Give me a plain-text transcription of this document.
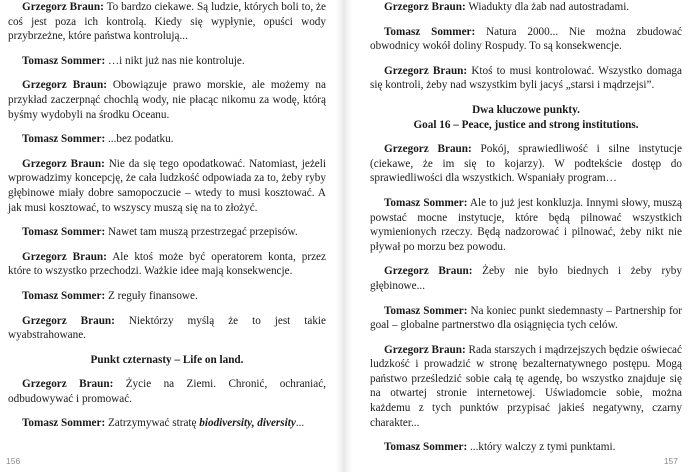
Grzegorz Braun: To bardzo ciekawe. Są ludzie, których boli to, że coś jest poza ich kontrolą. Kiedy się wypłynie, opuści wody przybrzeżne, które państwa kontrolują...

Tomasz Sommer: …i nikt już nas nie kontroluje.

Grzegorz Braun: Obowiązuje prawo morskie, ale możemy na przykład zaczerpnąć chochlą wody, nie płacąc nikomu za wodę, którą byśmy wydobyli na środku Oceanu.

Tomasz Sommer: ...bez podatku.

Grzegorz Braun: Nie da się tego opodatkować. Natomiast, jeżeli wprowadzimy koncepcję, że cała ludzkość odpowiada za to, żeby ryby głębinowe miały dobre samopoczucie – wtedy to musi kosztować. A jak musi kosztować, to wszyscy muszą się na to złożyć.

Tomasz Sommer: Nawet tam muszą przestrzegać przepisów.

Grzegorz Braun: Ale ktoś może być operatorem konta, przez które to wszystko przechodzi. Ważkie idee mają konsekwencje.

Tomasz Sommer: Z reguły finansowe.

Grzegorz Braun: Niektórzy myślą że to jest takie wyabstrahowane.

Punkt czternasty – Life on land.

Grzegorz Braun: Życie na Ziemi. Chronić, ochraniać, odbudowywać i promować.

Tomasz Sommer: Zatrzymywać stratę biodiversity, diversity...

156

Grzegorz Braun: Wiadukty dla żab nad autostradami.

Tomasz Sommer: Natura 2000... Nie można zbudować obwodnicy wokół doliny Rospudy. To są konsekwencje.

Grzegorz Braun: Ktoś to musi kontrolować. Wszystko domaga się kontroli, żeby nad wszystkim byli jacyś „starsi i mądrzejsi”.

Dwa kluczowe punkty.

Goal 16 – Peace, justice and strong institutions.

Grzegorz Braun: Pokój, sprawiedliwość i silne instytucje (ciekawe, że im się to kojarzy). W podtekście dostęp do sprawiedliwości dla wszystkich. Wspaniały program…

Tomasz Sommer: Ale to już jest konkluzja. Innymi słowy, muszą powstać mocne instytucje, które będą pilnować wszystkich wymienionych rzeczy. Będą nadzorować i pilnować, żeby nikt nie pływał po morzu bez powodu.

Grzegorz Braun: Żeby nie było biednych i żeby ryby głębinowe...

Tomasz Sommer: Na koniec punkt siedemnasty – Partnership for goal – globalne partnerstwo dla osiągnięcia tych celów.

Grzegorz Braun: Rada starszych i mądrzejszych będzie oświecać ludzkość i prowadzić w stronę bezalternatywnego postępu. Mogą państwo prześledzić sobie całą tę agendę, bo wszystko znajduje się na otwartej stronie internetowej. Uświadomcie sobie, można każdemu z tych punktów przypisać jakieś negatywny, czarny charakter...

Tomasz Sommer: ...który walczy z tymi punktami.

157
